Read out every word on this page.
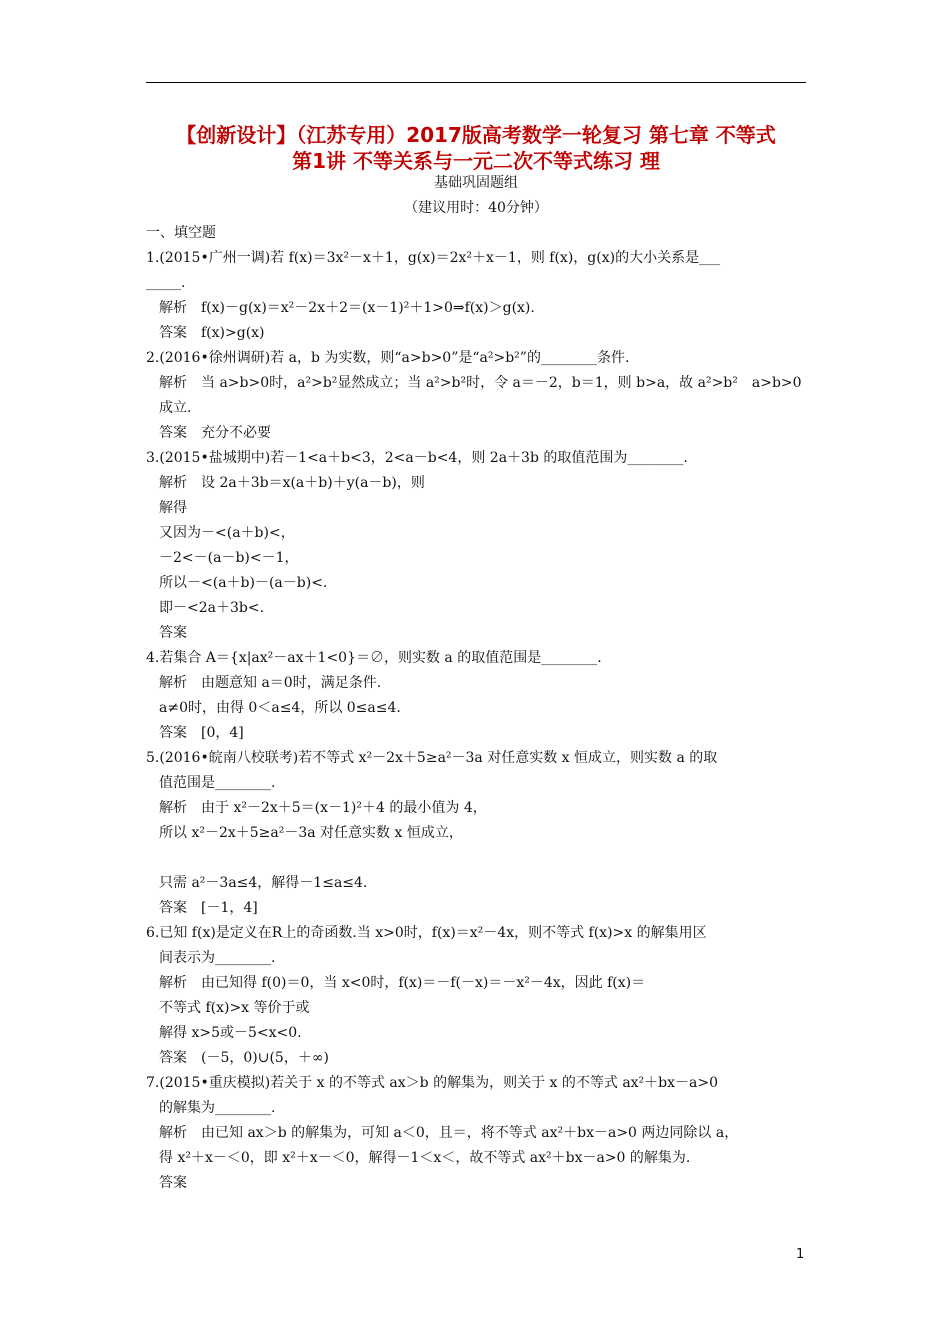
【创新设计】（江苏专用）2017版高考数学一轮复习 第七章 不等式
第1讲 不等关系与一元二次不等式练习 理
基础巩固题组
（建议用时：40分钟）
一、填空题
1.(2015•广州一调)若 f(x)＝3x²－x＋1，g(x)＝2x²＋x－1，则 f(x)，g(x)的大小关系是___
_____.
解析　f(x)－g(x)＝x²－2x＋2＝(x－1)²＋1>0⇒f(x)＞g(x).
答案　f(x)>g(x)
2.(2016•徐州调研)若 a，b 为实数，则“a>b>0”是“a²>b²”的________条件.
解析　当 a>b>0时，a²>b²显然成立；当 a²>b²时，令 a＝－2，b＝1，则 b>a，故 a²>b²　a>b>0
成立.
答案　充分不必要
3.(2015•盐城期中)若－1<a＋b<3，2<a－b<4，则 2a＋3b 的取值范围为________.
解析　设 2a＋3b＝x(a＋b)＋y(a－b)，则
解得
又因为－<(a＋b)<，
－2<－(a－b)<－1，
所以－<(a＋b)－(a－b)<.
即－<2a＋3b<.
答案
4.若集合 A＝{x|ax²－ax＋1<0}＝∅，则实数 a 的取值范围是________.
解析　由题意知 a＝0时，满足条件.
a≠0时，由得 0＜a≤4，所以 0≤a≤4.
答案　[0，4]
5.(2016•皖南八校联考)若不等式 x²－2x＋5≥a²－3a 对任意实数 x 恒成立，则实数 a 的取
值范围是________.
解析　由于 x²－2x＋5＝(x－1)²＋4 的最小值为 4，
所以 x²－2x＋5≥a²－3a 对任意实数 x 恒成立，
只需 a²－3a≤4，解得－1≤a≤4.
答案　[－1，4]
6.已知 f(x)是定义在R上的奇函数.当 x>0时，f(x)＝x²－4x，则不等式 f(x)>x 的解集用区
间表示为________.
解析　由已知得 f(0)＝0，当 x<0时，f(x)＝－f(－x)＝－x²－4x，因此 f(x)＝
不等式 f(x)>x 等价于或
解得 x>5或－5<x<0.
答案　(－5，0)∪(5，＋∞)
7.(2015•重庆模拟)若关于 x 的不等式 ax＞b 的解集为，则关于 x 的不等式 ax²＋bx－a>0
的解集为________.
解析　由已知 ax＞b 的解集为，可知 a＜0，且＝，将不等式 ax²＋bx－a>0 两边同除以 a，
得 x²＋x－＜0，即 x²＋x－＜0，解得－1＜x＜，故不等式 ax²＋bx－a>0 的解集为.
答案
1
